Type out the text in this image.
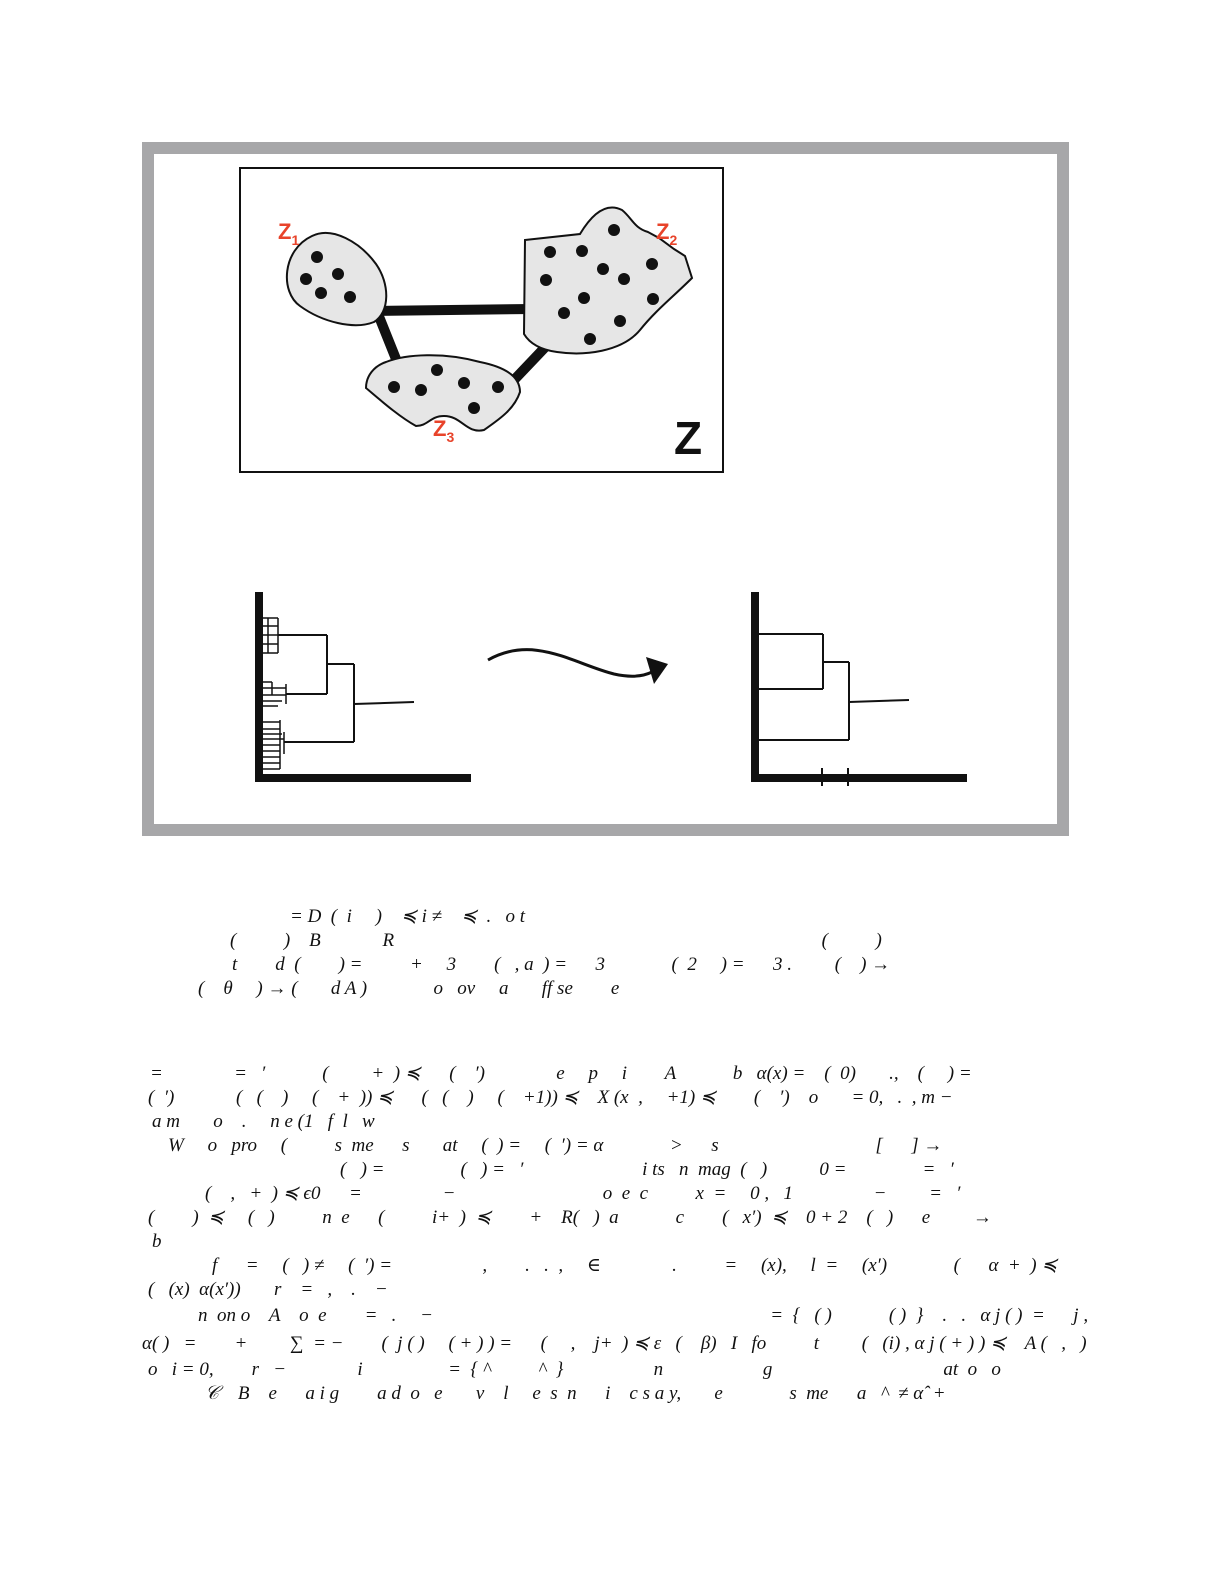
$Z_1$	$Z_2$
$Z_3$	Z
= D  (  i     )    ≼ i ≠    ≼  .   o t
(          )    B             R                                                                                          (          )
t        d  (        ) =          +     3        (   , a  ) =      3              (  2     ) =      3 .         (    ) →
(    θ     ) → (       d A )              o   ov     a       ff se        e
=               =   ′            (         +  ) ≼      (    ′)               e     p     i        A            b   α(x) =    (  0)       .,    (     ) =
(  ′)             (   (    )     (    +  )) ≼      (   (    )     (    +1)) ≼    X (x  ,     +1) ≼        (    ′)    o       = 0,   .  , m −
a m       o    .     n e (1   f  l   w
W     o   pro     (          s  me      s       at     (  ) =     (  ′) = α              >      s                                 [      ] →
(   ) =                (   ) =   ′                         i ts   n  mag  (   )           0 =                =   ′
(    ,   +  ) ≼ ϵ0      =                 −                               o  e  c          x  =     0 ,   1                 −         =   ′
(        )  ≼     (   )          n  e      (          i+  )  ≼        +    R(   )  a            c        (   x′)  ≼    0 + 2    (   )      e         →
b
f      =     (   ) ≠     (  ′) =                   ,        .   .  ,     ∈               .          =     (x),     l  =     (x′)              (      α  +  ) ≼
(   (x)  α(x′))       r    =   ,    .    −
n  on o    A    o  e        =   .     −                                                                       =  {   ( )            ( )  }    .   .   α j ( )  =      j ,
α( )   =        +         ∑  = −        (  j ( )     ( + ) ) =      (     ,    j+  ) ≼ ε   (    β)   I   fo          t         (   (i) , α j ( + ) ) ≼    A (   ,   )
o   i = 0,        r   −               i                  =  { ^          ^  }                   n                     g                                    at  o   o
𝒞    B    e      a i g        a d  o   e       v    l     e  s  n      i    c s a y,       e              s  me      a   ^  ≠ α̂  +
